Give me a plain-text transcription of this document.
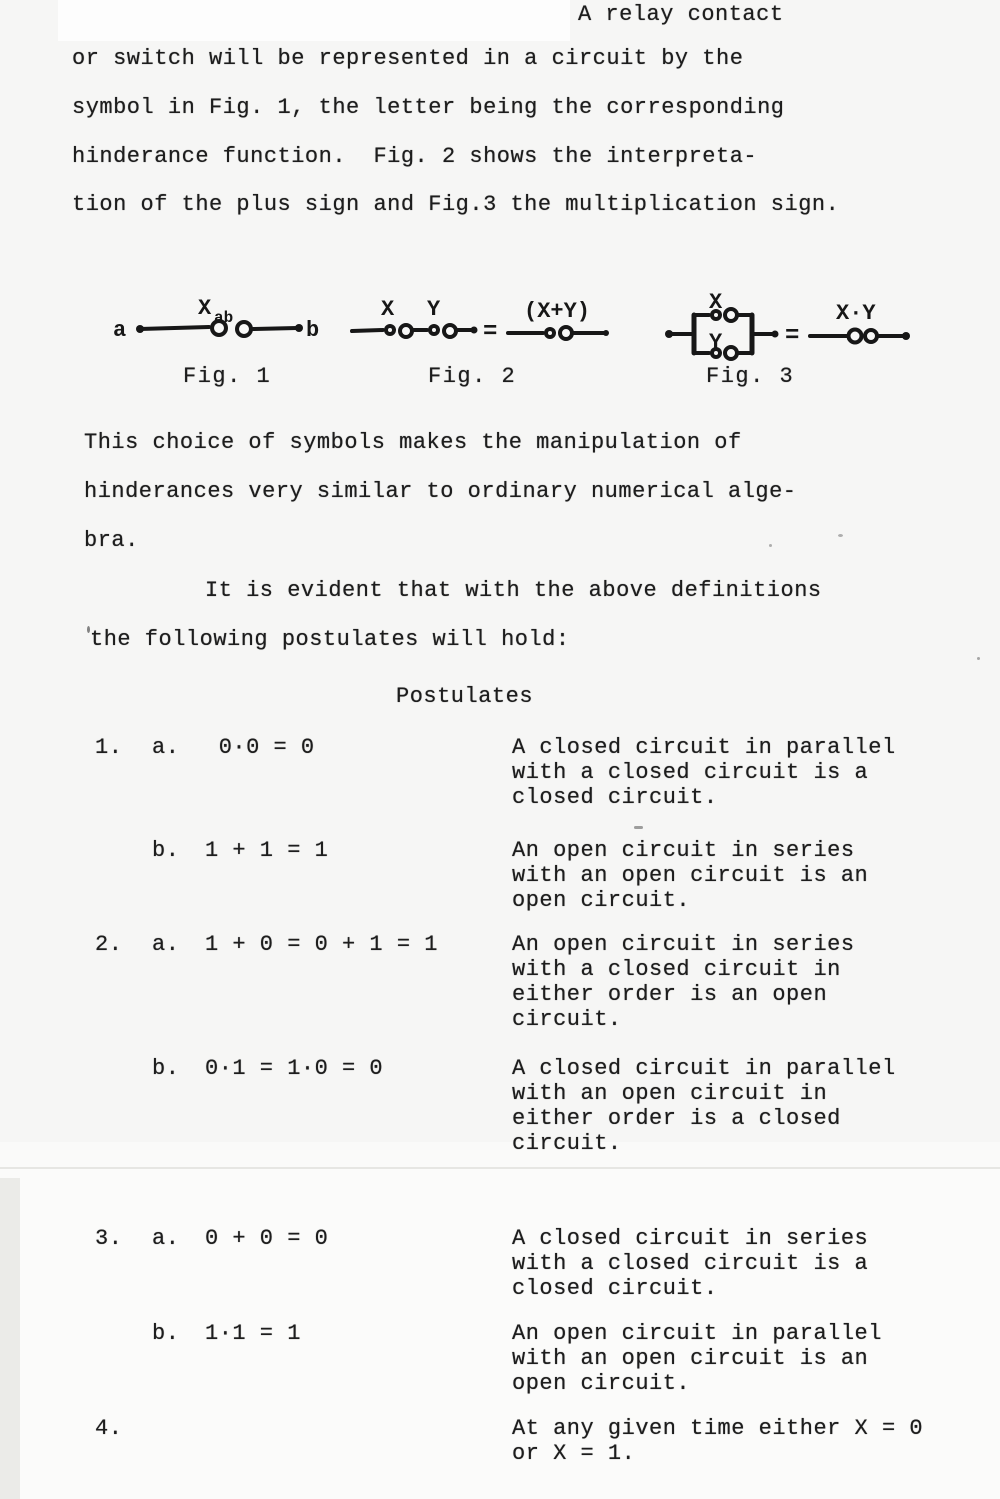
A relay contact
or switch will be represented in a circuit by the
symbol in Fig. 1, the letter being the corresponding
hinderance function.  Fig. 2 shows the interpreta-
tion of the plus sign and Fig.3 the multiplication sign.
a	b
X ab	X Y
=
(X+Y)	X
Y	=
X·Y
Fig. 1	Fig. 2	Fig. 3
This choice of symbols makes the manipulation of
hinderances very similar to ordinary numerical alge-
bra.
It is evident that with the above definitions
the following postulates will hold:
Postulates
1. a. 0·0 = 0	A closed circuit in parallel
with a closed circuit is a
closed circuit.
b. 1 + 1 = 1	An open circuit in series
with an open circuit is an
open circuit.
2. a. 1 + 0 = 0 + 1 = 1	An open circuit in series
with a closed circuit in
either order is an open
circuit.
b. 0·1 = 1·0 = 0	A closed circuit in parallel
with an open circuit in
either order is a closed
circuit.
3. a. 0 + 0 = 0	A closed circuit in series
with a closed circuit is a
closed circuit.
b. 1·1 = 1	An open circuit in parallel
with an open circuit is an
open circuit.
4.	At any given time either X = 0
or X = 1.
